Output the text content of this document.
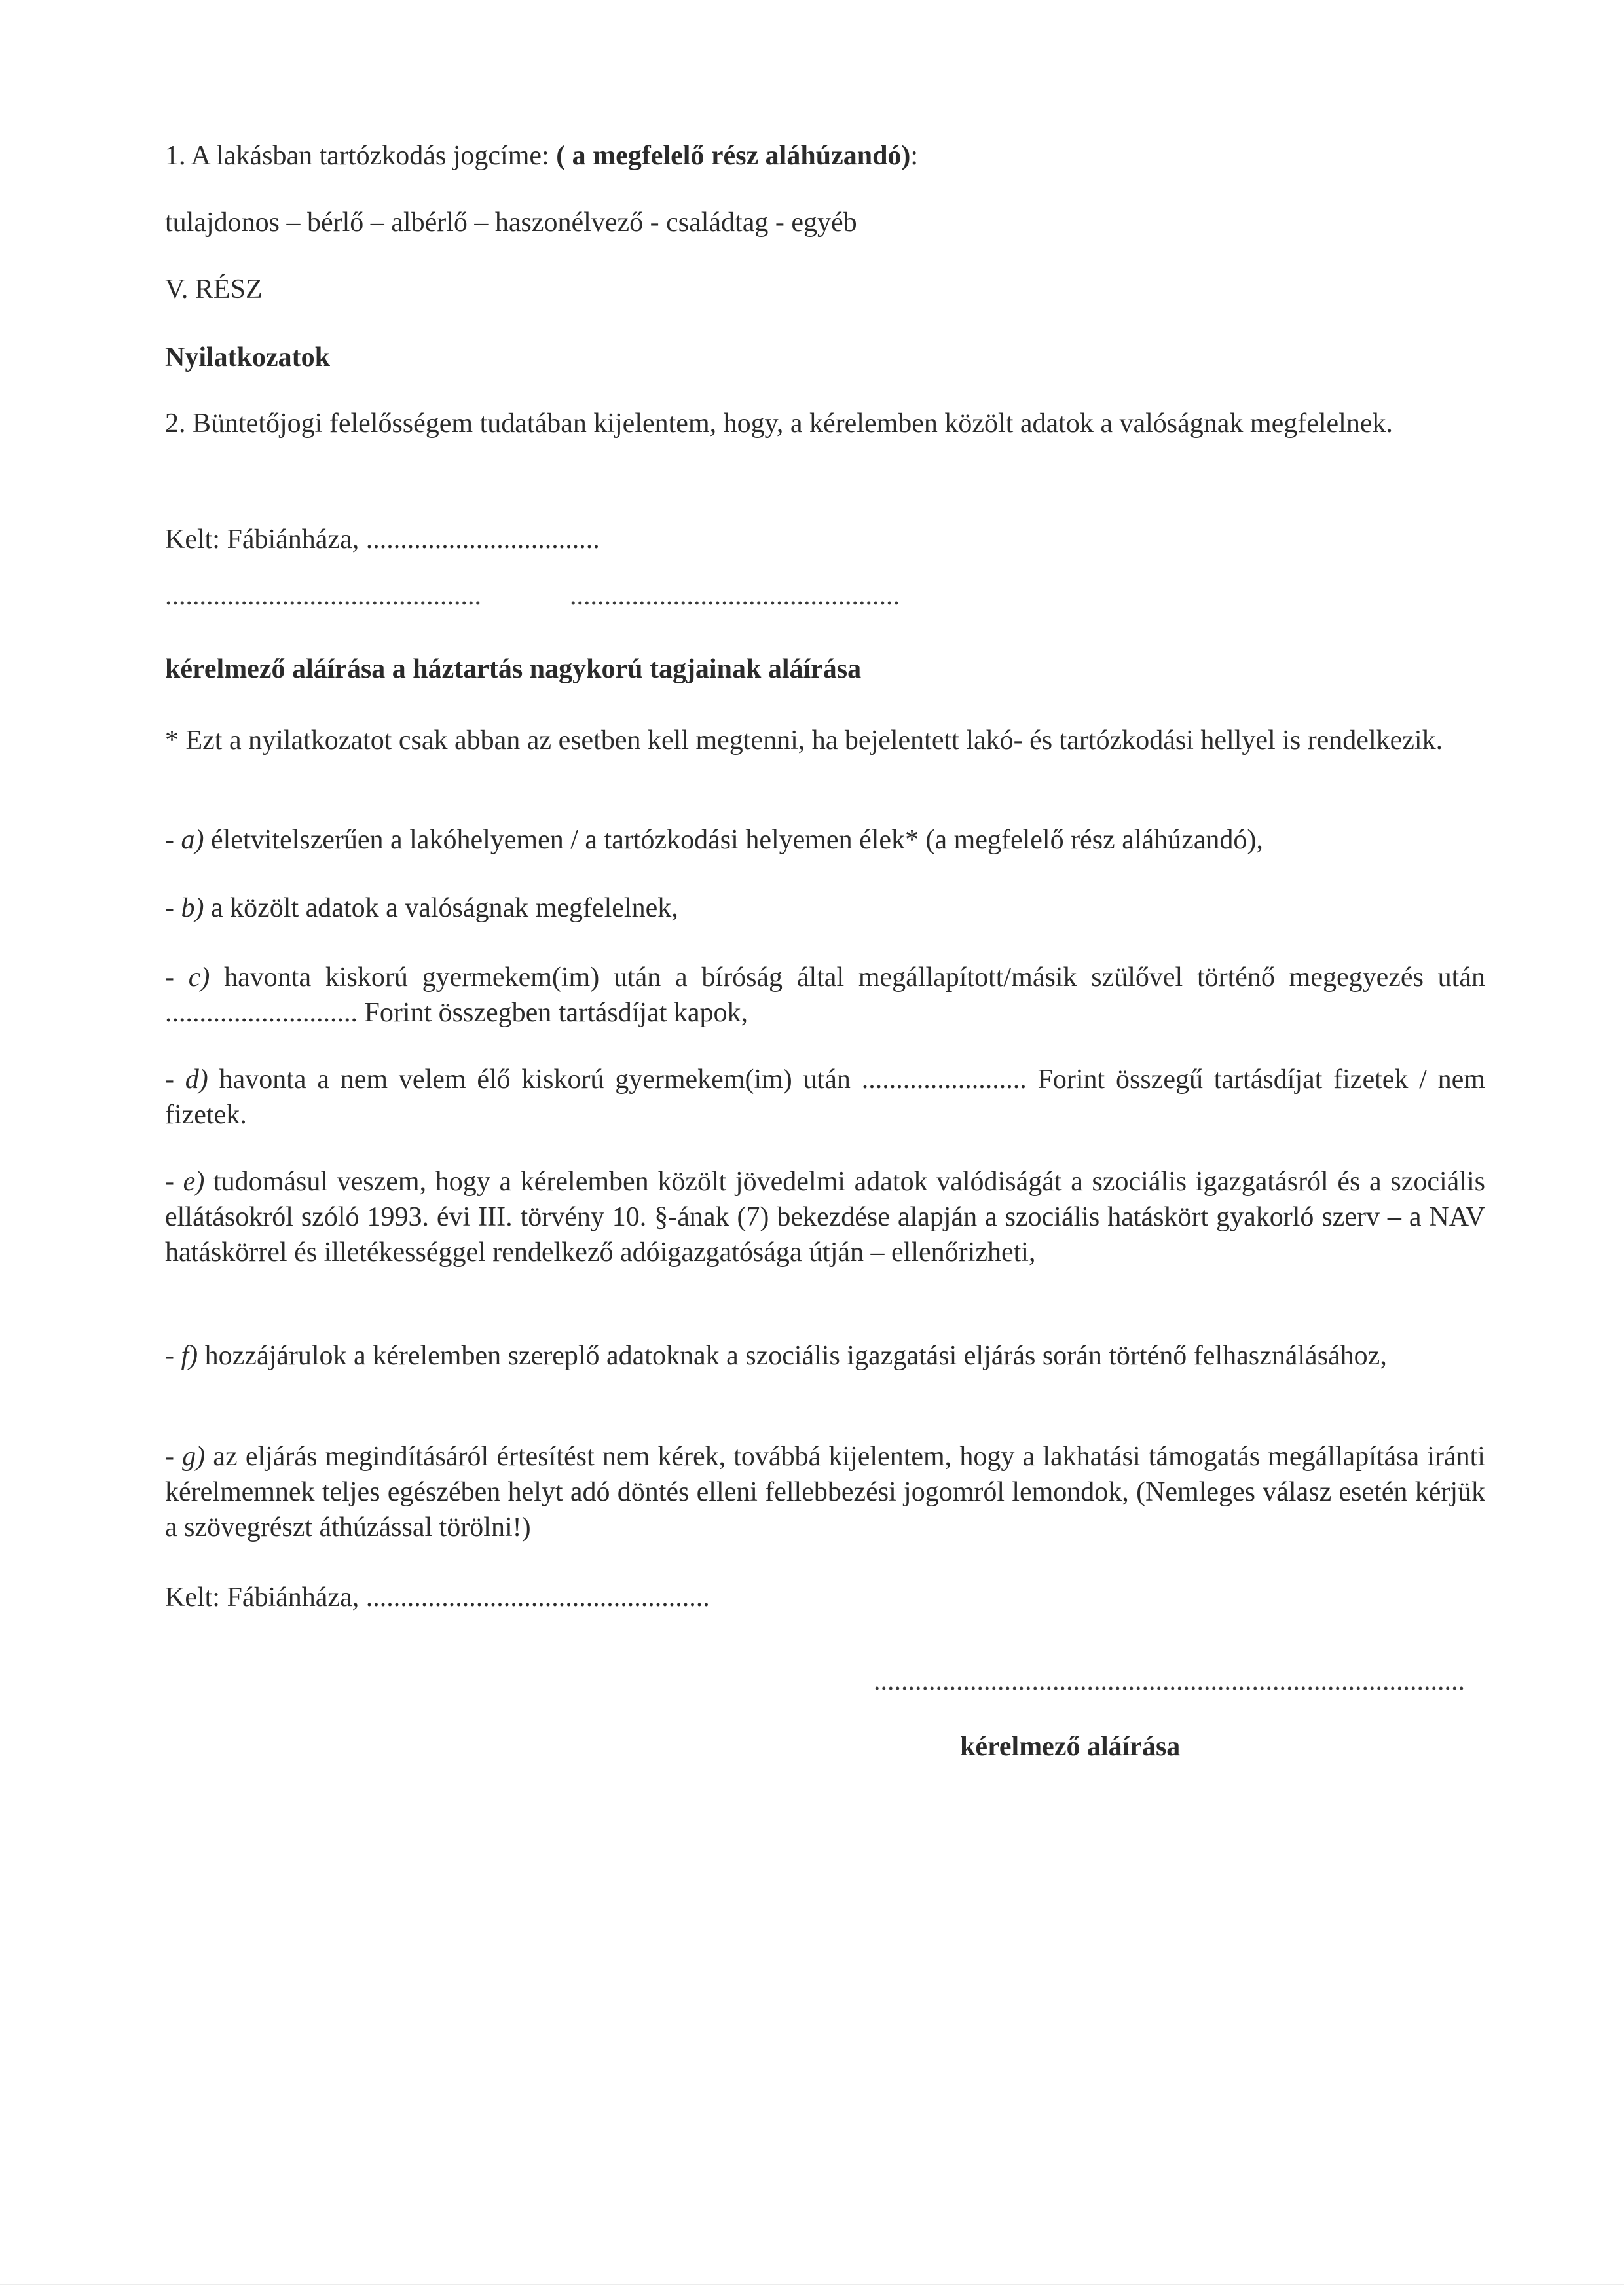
1. A lakásban tartózkodás jogcíme: ( a megfelelő rész aláhúzandó):
tulajdonos – bérlő – albérlő – haszonélvező - családtag - egyéb
V. RÉSZ
Nyilatkozatok
2. Büntetőjogi felelősségem tudatában kijelentem, hogy, a kérelemben közölt adatok a valóságnak megfelelnek.
Kelt: Fábiánháza, ..................................
..............................................	................................................
kérelmező aláírása a háztartás nagykorú tagjainak aláírása
* Ezt a nyilatkozatot csak abban az esetben kell megtenni, ha bejelentett lakó- és tartózkodási hellyel is rendelkezik.
- a) életvitelszerűen a lakóhelyemen / a tartózkodási helyemen élek* (a megfelelő rész aláhúzandó),
- b) a közölt adatok a valóságnak megfelelnek,
- c) havonta kiskorú gyermekem(im) után a bíróság által megállapított/másik szülővel történő megegyezés után ............................ Forint összegben tartásdíjat kapok,
- d) havonta a nem velem élő kiskorú gyermekem(im) után ........................ Forint összegű tartásdíjat fizetek / nem fizetek.
- e) tudomásul veszem, hogy a kérelemben közölt jövedelmi adatok valódiságát a szociális igazgatásról és a szociális ellátásokról szóló 1993. évi III. törvény 10. §-ának (7) bekezdése alapján a szociális hatáskört gyakorló szerv – a NAV hatáskörrel és illetékességgel rendelkező adóigazgatósága útján – ellenőrizheti,
- f) hozzájárulok a kérelemben szereplő adatoknak a szociális igazgatási eljárás során történő felhasználásához,
- g) az eljárás megindításáról értesítést nem kérek, továbbá kijelentem, hogy a lakhatási támogatás megállapítása iránti kérelmemnek teljes egészében helyt adó döntés elleni fellebbezési jogomról lemondok, (Nemleges válasz esetén kérjük a szövegrészt áthúzással törölni!)
Kelt: Fábiánháza, ..................................................
......................................................................................
kérelmező aláírása
